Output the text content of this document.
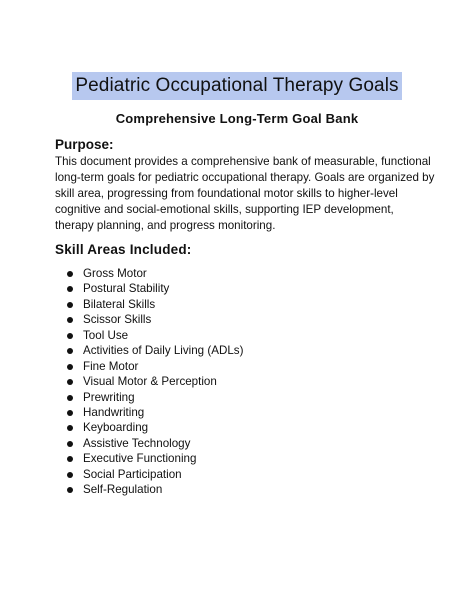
Pediatric Occupational Therapy Goals
Comprehensive Long-Term Goal Bank
Purpose:

This document provides a comprehensive bank of measurable, functional long-term goals for pediatric occupational therapy. Goals are organized by skill area, progressing from foundational motor skills to higher-level cognitive and social-emotional skills, supporting IEP development, therapy planning, and progress monitoring.

Skill Areas Included:
Gross Motor
Postural Stability
Bilateral Skills
Scissor Skills
Tool Use
Activities of Daily Living (ADLs)
Fine Motor
Visual Motor & Perception
Prewriting
Handwriting
Keyboarding
Assistive Technology
Executive Functioning
Social Participation
Self-Regulation
